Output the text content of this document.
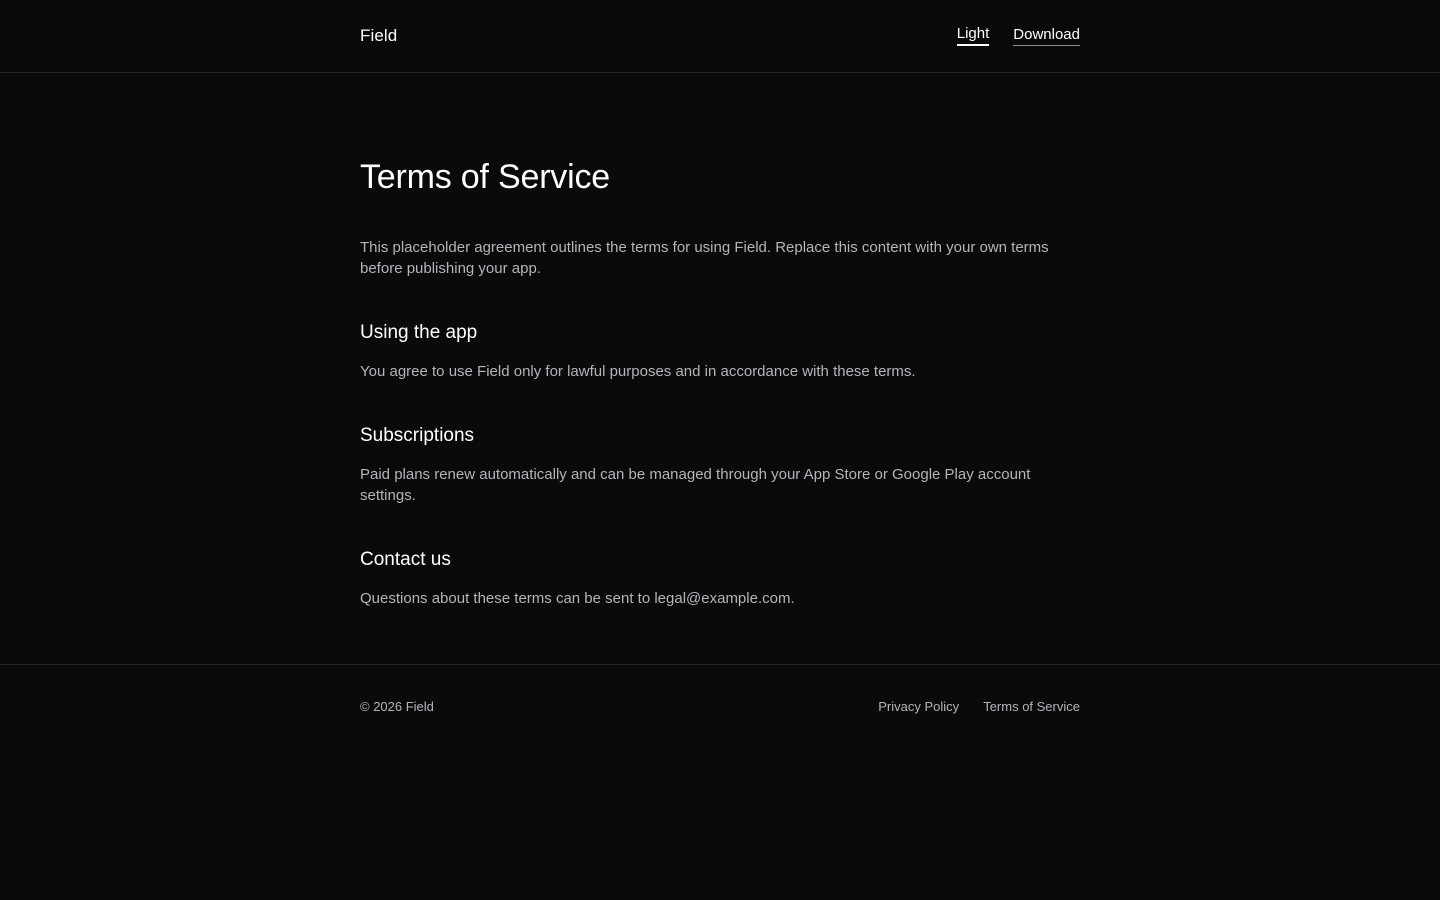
Field	Light Download
Terms of Service

This placeholder agreement outlines the terms for using Field. Replace this content with your own terms before publishing your app.

Using the app

You agree to use Field only for lawful purposes and in accordance with these terms.

Subscriptions

Paid plans renew automatically and can be managed through your App Store or Google Play account settings.

Contact us

Questions about these terms can be sent to legal@example.com.

© 2026 Field	Privacy Policy Terms of Service
